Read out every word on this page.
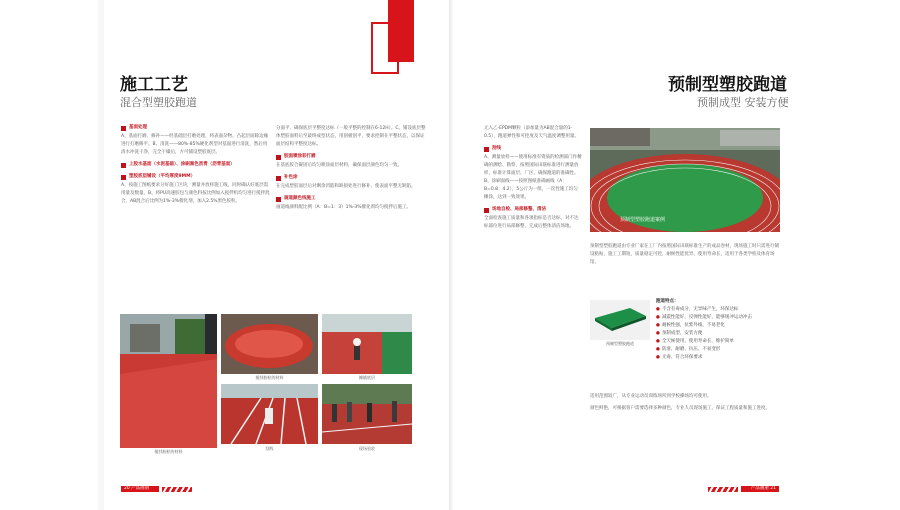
施工工艺
混合型塑胶跑道
基面处理

A、基面打磨、修补——经基础层打磨处理，将表面杂物、凸起层面除边缘进行打磨修平。B、清洗——80%-85%硬化剂型对基面进行清洗，然后用清水冲洗干净，完全干燥后，方可铺设塑胶底层。

上胶水基面（水泥基础）、涂刷黑色沥青（沥青基面）

塑胶底层铺设（平均厚度9MM）

A、按施工图纸要求分好施工区块，测量并放样施工线，同时确认好底层需用量及数量。B、将PU高速胶包与颜色料按比例加入搅拌机均匀进行搅拌混合，AB混合后比例为1%-3%催化剂，加入2.5%黑色胶粒。

分面平、确保底层平整度达标（一般平整的控制在6-12H）。C、铺设底层整体塑胶面料后至最终成型状态，用刮板刮平，要求控制在平整状态，以保证面层结构平整度达标。

胶面喷涂彩打磨

在基底胶合凝固后均匀喷涂面层材料，确保面层颜色均匀一致。

补色涂

在完成塑胶面层后对剩余凹陷和缺损处进行修补，使表面平整无缺陷。

画道颜色线施工

画道线颜料配比例（A：B=1：3）1%-3%催化剂均匀搅拌后施工。

搅拌胶粒的材料
搅拌胶粒的材料	摊铺底层
刮线	现场验收
20 产品画册
预制型塑胶跑道
预制成型 安装方便

元入乙-EPDM颗粒（添加量为AB混合量的1-0.5），跑道弹性和可控度及天气温度调整用量。

刮线

A、测量放样——使用标准有资质的检测部门作精确的测绘、勘察，按照国际田联标准进行测量放样，标准计算面层、厂区、确保跑道的准确性。B、涂刷面线——按照图纸准确画线（A：B=0.8：4.2），5公斤为一组，一次性施工均匀摊涂，达到一致效果。

场地自检、局部修整、清洁

全面检查施工质量和各项指标是否达标，对不达标部位进行局部修整，完成后整体清洁场地。

预制型塑胶跑道案例

预制型塑胶跑道由专业厂家在工厂内按照国际田联标准生产的成品卷材，现场施工时只需进行铺设粘贴，施工工期短，质量稳定可控，耐候性能优异，使用寿命长，适用于各类学校及体育场馆。

预制型塑胶跑道
跑道特点：
● 不含有毒成分，无异味产生，环保达标
● 减震性能好，反弹性能好，能够缓冲运动冲击
● 耐候性强，抗紫外线，不易老化
● 预制成型，安装方便
● 全天候使用，使用寿命长，维护简单
● 防滑、耐磨、抗压、不易变形
● 无毒、符合环保要求

适用范围较广，从专业运动员训练场所到学校操场均可使用。

颜色鲜艳，可根据客户需要选择多种颜色，专业人员现场施工，保证工程质量和施工进度。

产品画册 21
